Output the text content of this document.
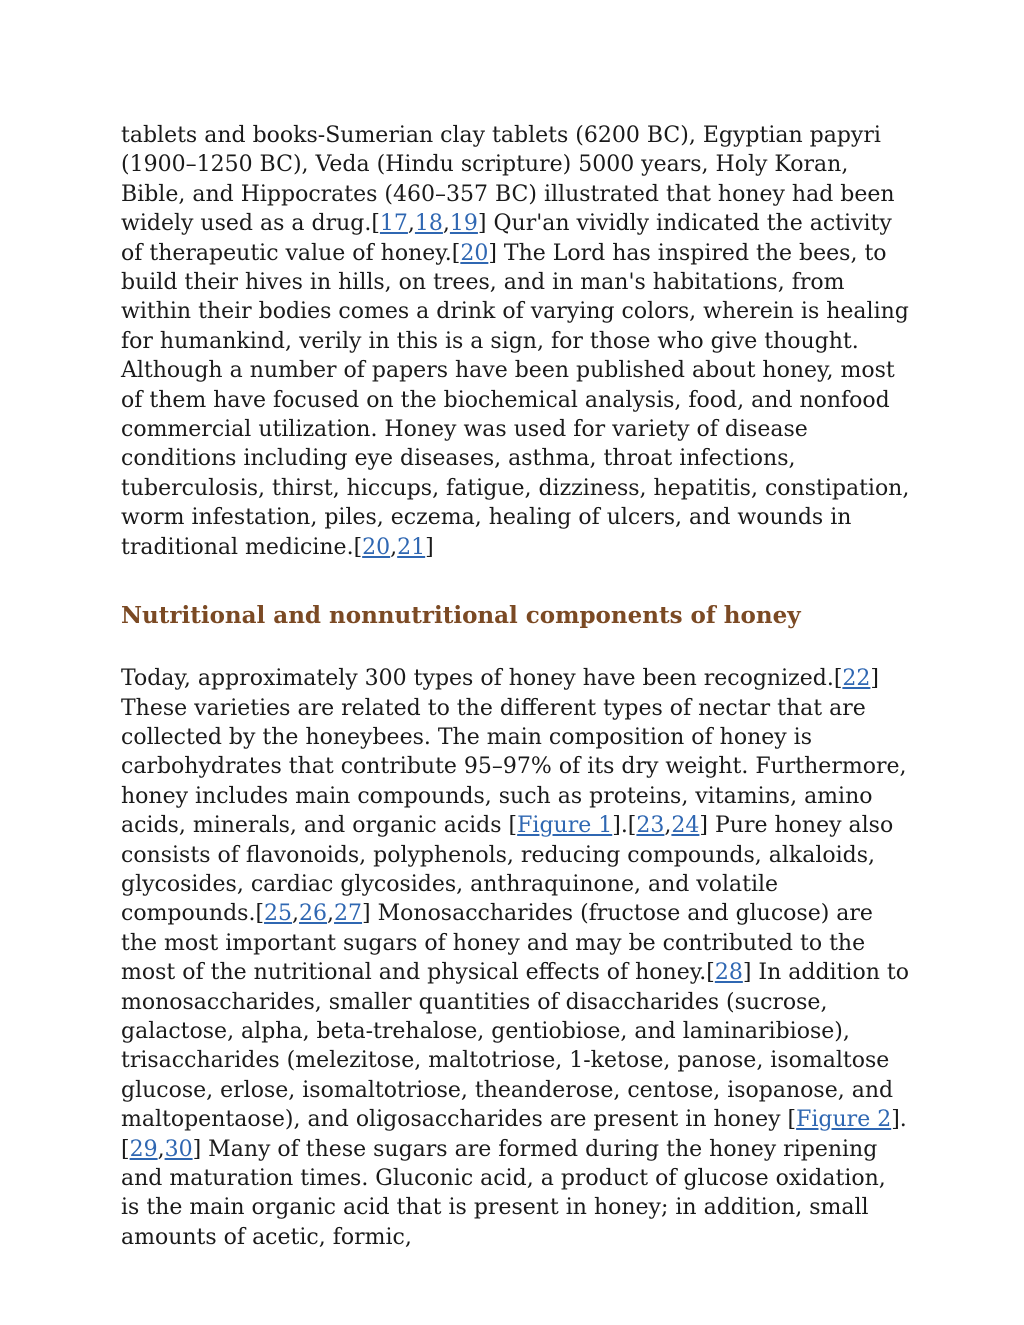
tablets and books-Sumerian clay tablets (6200 BC), Egyptian papyri (1900–1250 BC), Veda (Hindu scripture) 5000 years, Holy Koran, Bible, and Hippocrates (460–357 BC) illustrated that honey had been widely used as a drug.[17,18,19] Qur'an vividly indicated the activity of therapeutic value of honey.[20] The Lord has inspired the bees, to build their hives in hills, on trees, and in man's habitations, from within their bodies comes a drink of varying colors, wherein is healing for humankind, verily in this is a sign, for those who give thought. Although a number of papers have been published about honey, most of them have focused on the biochemical analysis, food, and nonfood commercial utilization. Honey was used for variety of disease conditions including eye diseases, asthma, throat infections, tuberculosis, thirst, hiccups, fatigue, dizziness, hepatitis, constipation, worm infestation, piles, eczema, healing of ulcers, and wounds in traditional medicine.[20,21]

Nutritional and nonnutritional components of honey

Today, approximately 300 types of honey have been recognized.[22] These varieties are related to the different types of nectar that are collected by the honeybees. The main composition of honey is carbohydrates that contribute 95–97% of its dry weight. Furthermore, honey includes main compounds, such as proteins, vitamins, amino acids, minerals, and organic acids [Figure 1].[23,24] Pure honey also consists of flavonoids, polyphenols, reducing compounds, alkaloids, glycosides, cardiac glycosides, anthraquinone, and volatile compounds.[25,26,27] Monosaccharides (fructose and glucose) are the most important sugars of honey and may be contributed to the most of the nutritional and physical effects of honey.[28] In addition to monosaccharides, smaller quantities of disaccharides (sucrose, galactose, alpha, beta-trehalose, gentiobiose, and laminaribiose), trisaccharides (melezitose, maltotriose, 1-ketose, panose, isomaltose glucose, erlose, isomaltotriose, theanderose, centose, isopanose, and maltopentaose), and oligosaccharides are present in honey [Figure 2].[29,30] Many of these sugars are formed during the honey ripening and maturation times. Gluconic acid, a product of glucose oxidation, is the main organic acid that is present in honey; in addition, small amounts of acetic, formic,
